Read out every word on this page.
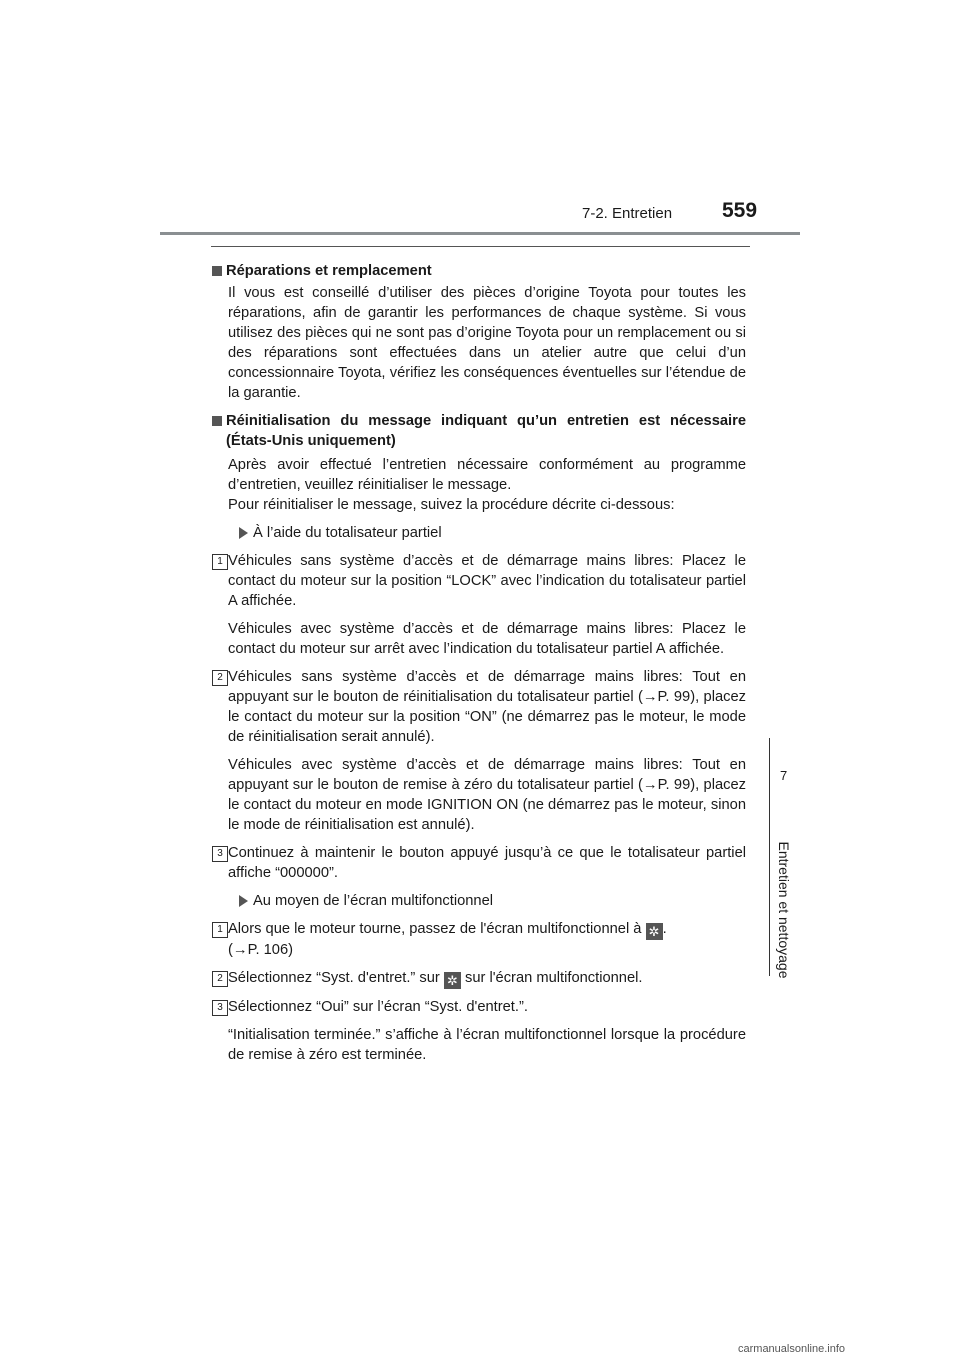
7-2. Entretien 559
7
Entretien et nettoyage
Réparations et remplacement
Il vous est conseillé d’utiliser des pièces d’origine Toyota pour toutes les réparations, afin de garantir les performances de chaque système. Si vous utilisez des pièces qui ne sont pas d’origine Toyota pour un remplacement ou si des réparations sont effectuées dans un atelier autre que celui d’un concessionnaire Toyota, vérifiez les conséquences éventuelles sur l’étendue de la garantie.
Réinitialisation du message indiquant qu’un entretien est nécessaire (États-Unis uniquement)
Après avoir effectué l’entretien nécessaire conformément au programme d’entretien, veuillez réinitialiser le message.
Pour réinitialiser le message, suivez la procédure décrite ci-dessous:
À l’aide du totalisateur partiel
1 Véhicules sans système d’accès et de démarrage mains libres: Placez le contact du moteur sur la position “LOCK” avec l’indication du totalisateur partiel A affichée.
Véhicules avec système d’accès et de démarrage mains libres: Placez le contact du moteur sur arrêt avec l’indication du totalisateur partiel A affichée.
2 Véhicules sans système d’accès et de démarrage mains libres: Tout en appuyant sur le bouton de réinitialisation du totalisateur partiel (→P. 99), placez le contact du moteur sur la position “ON” (ne démarrez pas le moteur, le mode de réinitialisation serait annulé).
Véhicules avec système d’accès et de démarrage mains libres: Tout en appuyant sur le bouton de remise à zéro du totalisateur partiel (→P. 99), placez le contact du moteur en mode IGNITION ON (ne démarrez pas le moteur, sinon le mode de réinitialisation est annulé).
3 Continuez à maintenir le bouton appuyé jusqu’à ce que le totalisateur partiel affiche “000000”.
Au moyen de l’écran multifonctionnel
1 Alors que le moteur tourne, passez de l'écran multifonctionnel à ✲ .
(→P. 106)
2 Sélectionnez “Syst. d'entret.” sur ✲ sur l'écran multifonctionnel.
3 Sélectionnez “Oui” sur l’écran “Syst. d'entret.”.
“Initialisation terminée.” s’affiche à l’écran multifonctionnel lorsque la procédure de remise à zéro est terminée.
carmanualsonline.info
